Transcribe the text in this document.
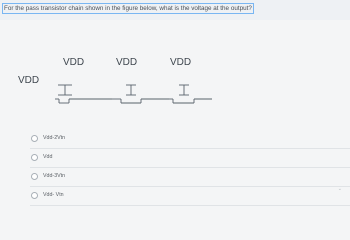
For the pass transistor chain shown in the figure below, what is the voltage at the output?
VDD
VDD	VDD	VDD
Vdd-2Vtn
Vdd
Vdd-3Vtn
Vdd- Vtn
⌄
